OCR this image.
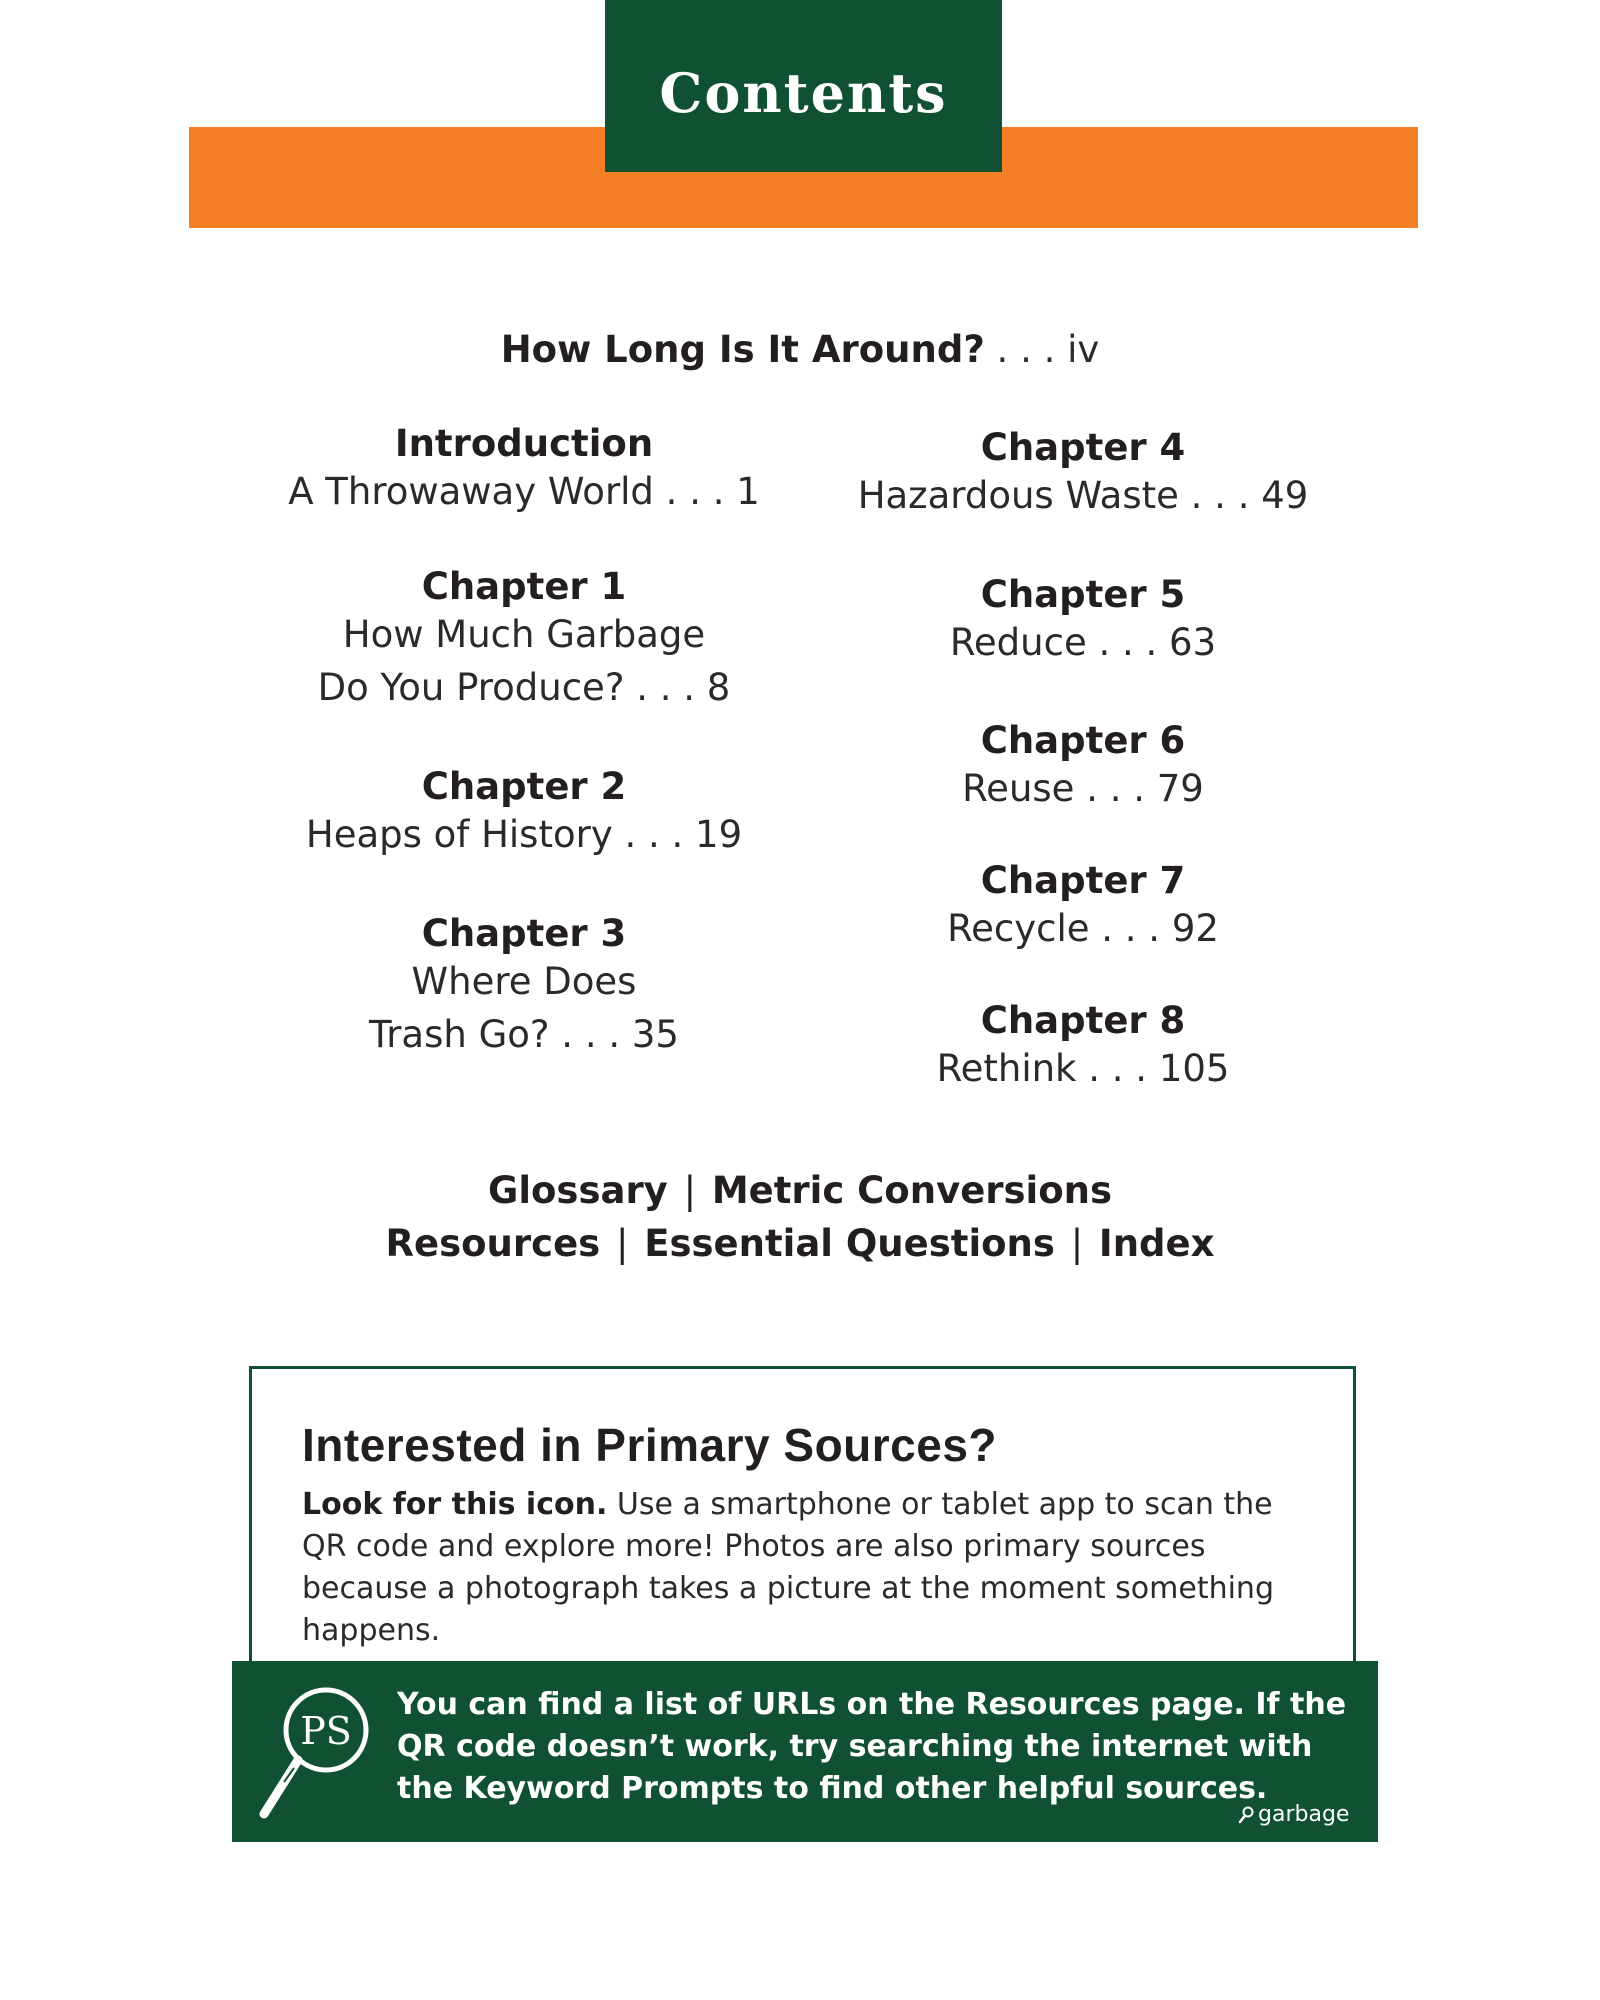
Contents
How Long Is It Around? . . . iv
Introduction
A Throwaway World . . . 1
Chapter 1
How Much Garbage
Do You Produce? . . . 8
Chapter 2
Heaps of History . . . 19
Chapter 3
Where Does
Trash Go? . . . 35
Chapter 4
Hazardous Waste . . . 49
Chapter 5
Reduce . . . 63
Chapter 6
Reuse . . . 79
Chapter 7
Recycle . . . 92
Chapter 8
Rethink . . . 105
Glossary | Metric Conversions
Resources | Essential Questions | Index
Interested in Primary Sources?
Look for this icon. Use a smartphone or tablet app to scan the QR code and explore more! Photos are also primary sources because a photograph takes a picture at the moment something happens.
PS
You can find a list of URLs on the Resources page. If the QR code doesn’t work, try searching the internet with the Keyword Prompts to find other helpful sources.
garbage
